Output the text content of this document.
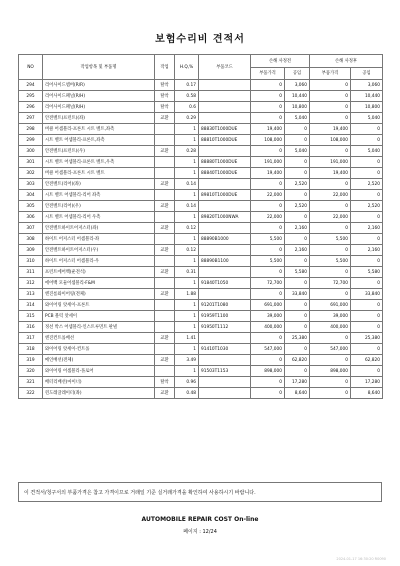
보험수리비 견적서
NO	작업항목 및 부품명	작업	H.Q,%	부품코드	손해 사정전		손해 사정후	
					부품가격	공임	부품가격	공임
294	리어사이드멤버(R/R)	탈착	0.17		0	3,060	0	3,060
295	리어사이드패널(R/H)	탈착	0.58		0	10,440	0	10,440
296	리어사이드패널(R/H)	탈착	0.6		0	10,800	0	10,800
297	안전벨트(프런트)(좌)	교환	0.29		0	5,040	0	5,040
298	버클 어셈블리-프론트 시트 벨트,좌측		1	88830T1000DUE	19,400	0	19,400	0
299	시트 벨트 어셈블리-프론트,좌측		1	88810T1000DUE	108,000	0	108,000	0
300	안전벨트(프런트)(우)	교환	0.28		0	5,040	0	5,040
301	시트 벨트 어셈블리-프론트 벨트,우측		1	88880T1000DUE	191,000	0	191,000	0
302	버클 어셈블리-프론트 시트 벨트		1	88840T1000DUE	19,400	0	19,400	0
303	안전벨트(리어)(좌)	교환	0.14		0	2,520	0	2,520
304	시트 벨트 어셈블리-리어 좌측		1	89810T1000DUE	22,000	0	22,000	0
305	안전벨트(리어)(우)	교환	0.14		0	2,520	0	2,520
306	시트 벨트 어셈블리-리어 우측		1	89820T1000NWA	22,000	0	22,000	0
307	안전벨트하이트어저스터(좌)	교환	0.12		0	2,160	0	2,160
308	하이트 어저스터 어셈블리-좌		1	88890B1000	5,500	0	5,500	0
309	안전벨트하이트어저스터(우)	교환	0.12		0	2,160	0	2,160
310	하이트 어저스터 어셈블리-우		1	88890B1100	5,500	0	5,500	0
311	프런트에어백(운전석)	교환	0.31		0	5,580	0	5,580
312	에어백 모듈어셈블리-F&M		1	91840T1050	72,700	0	72,700	0
313	엔진룸와이어링(전체)	교환	1.88		0	33,840	0	33,840
314	와이어링 앗세이-프론트		1	91201T1080	691,000	0	691,000	0
315	PCB 블럭 앗세이		1	91959T1100	39,000	0	39,000	0
316	정션 박스 어셈블리-인스트루먼트 판넬		1	91950T1112	400,000	0	400,000	0
317	엔진컨트롤배선	교환	1.41		0	25,380	0	25,380
318	와이어링 앗세이-컨트롤		1	91410T1030	547,000	0	547,000	0
319	메인배선(전체)	교환	3.49		0	62,820	0	62,820
320	와이어링 어셈블리-플로어		1	91503T1153	898,000	0	898,000	0
321	배터리배선(마이너)	탈착	0.96		0	17,280	0	17,280
322	윈도레귤레이터(좌)	교환	0.48		0	8,640	0	8,640
이 견적서/청구서의 부품가격은 참고 가격이므로 거래일 기준 실거래가격을 확인하여 사용하시기 바랍니다.
AUTOMOBILE REPAIR COST On-line
페이지 : 12/24
2024-01-17 16:30:20 R0090
